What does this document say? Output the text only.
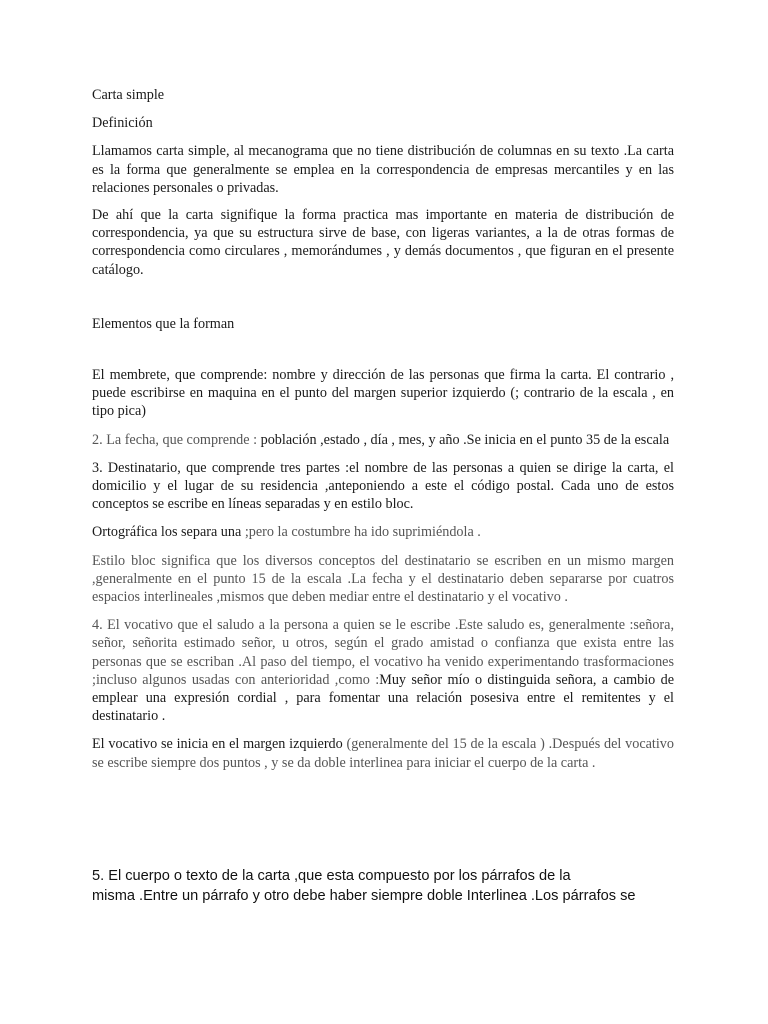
Carta simple

Definición

Llamamos carta simple, al mecanograma que no tiene distribución de columnas en su texto .La carta es la forma que generalmente se emplea en la correspondencia de empresas mercantiles y en las relaciones personales o privadas.

De ahí que la carta signifique la forma practica mas importante en materia de distribución de correspondencia, ya que su estructura sirve de base, con ligeras variantes, a la de otras formas de correspondencia como circulares , memorándumes , y demás documentos , que figuran en el presente catálogo.

Elementos que la forman

El membrete, que comprende: nombre y dirección de las personas que firma la carta. El contrario , puede escribirse en maquina en el punto del margen superior izquierdo (; contrario de la escala , en tipo pica)

2. La fecha, que comprende : población ,estado , día , mes, y año .Se inicia en el punto 35 de la escala

3. Destinatario, que comprende tres partes :el nombre de las personas a quien se dirige la carta, el domicilio y el lugar de su residencia ,anteponiendo a este el código postal. Cada uno de estos conceptos se escribe en líneas separadas y en estilo bloc.

Ortográfica los separa una ;pero la costumbre ha ido suprimiéndola .

Estilo bloc significa que los diversos conceptos del destinatario se escriben en un mismo margen ,generalmente en el punto 15 de la escala .La fecha y el destinatario deben separarse por cuatros espacios interlineales ,mismos que deben mediar entre el destinatario y el vocativo .

4. El vocativo que el saludo a la persona a quien se le escribe .Este saludo es, generalmente :señora, señor, señorita estimado señor, u otros, según el grado amistad o confianza que exista entre las personas que se escriban .Al paso del tiempo, el vocativo ha venido experimentando trasformaciones ;incluso algunos usadas con anterioridad ,como :Muy señor mío o distinguida señora, a cambio de emplear una expresión cordial , para fomentar una relación posesiva entre el remitentes y el destinatario .

El vocativo se inicia en el margen izquierdo (generalmente del 15 de la escala ) .Después del vocativo se escribe siempre dos puntos , y se da doble interlinea para iniciar el cuerpo de la carta .

5. El cuerpo o texto de la carta ,que esta compuesto por los párrafos de la

misma .Entre un párrafo y otro debe haber siempre doble Interlinea .Los párrafos se
